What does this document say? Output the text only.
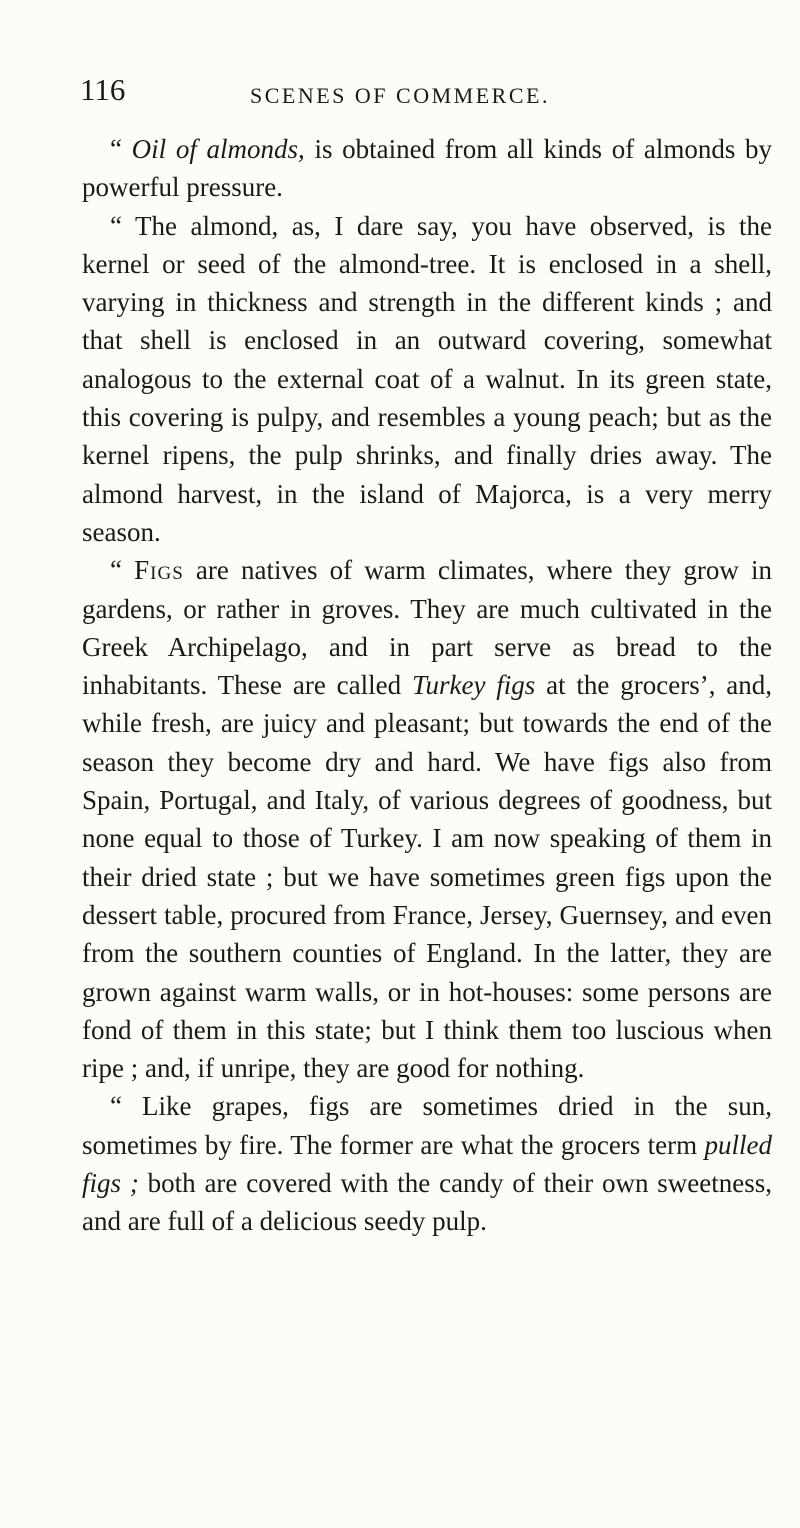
116	SCENES OF COMMERCE.

“ Oil of almonds, is obtained from all kinds of almonds by powerful pressure.

“ The almond, as, I dare say, you have observed, is the kernel or seed of the almond-tree. It is enclosed in a shell, varying in thickness and strength in the different kinds ; and that shell is enclosed in an outward covering, somewhat analogous to the external coat of a walnut. In its green state, this covering is pulpy, and resembles a young peach; but as the kernel ripens, the pulp shrinks, and finally dries away. The almond harvest, in the island of Majorca, is a very merry season.

“ Figs are natives of warm climates, where they grow in gardens, or rather in groves. They are much cultivated in the Greek Archipelago, and in part serve as bread to the inhabitants. These are called Turkey figs at the grocers’, and, while fresh, are juicy and pleasant; but towards the end of the season they become dry and hard. We have figs also from Spain, Portugal, and Italy, of various degrees of goodness, but none equal to those of Turkey. I am now speaking of them in their dried state ; but we have sometimes green figs upon the dessert table, procured from France, Jersey, Guernsey, and even from the southern counties of England. In the latter, they are grown against warm walls, or in hot-houses: some persons are fond of them in this state; but I think them too luscious when ripe ; and, if unripe, they are good for nothing.

“ Like grapes, figs are sometimes dried in the sun, sometimes by fire. The former are what the grocers term pulled figs ; both are covered with the candy of their own sweetness, and are full of a delicious seedy pulp.
